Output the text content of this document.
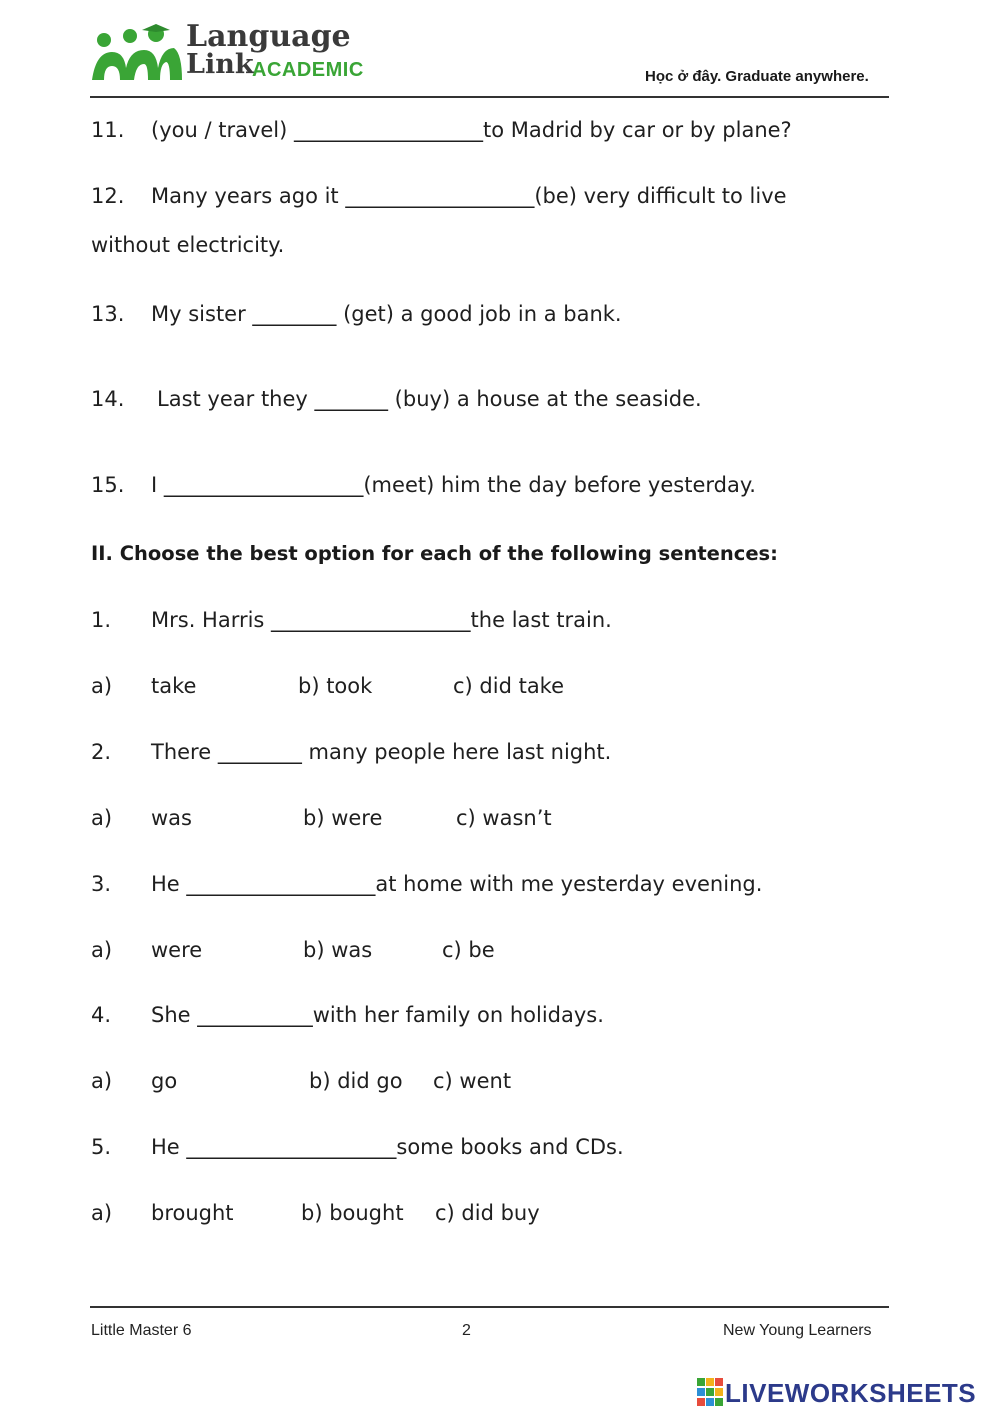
Language
Link
ACADEMIC	Học ở đây. Graduate anywhere.
11. (you / travel) __________________to Madrid by car or by plane?
12. Many years ago it __________________(be) very difficult to live
without electricity.
13. My sister ________ (get) a good job in a bank.
14. Last year they _______ (buy) a house at the seaside.
15. I ___________________(meet) him the day before yesterday.
II. Choose the best option for each of the following sentences:
1. Mrs. Harris ___________________the last train.
a) take	b) took	c) did take
2. There ________ many people here last night.
a) was	b) were	c) wasn’t
3. He __________________at home with me yesterday evening.
a) were	b) was	c) be
4. She ___________with her family on holidays.
a) go	b) did go c) went
5. He ____________________some books and CDs.
a) brought	b) bought c) did buy
Little Master 6	2	New Young Learners
LIVEWORKSHEETS
